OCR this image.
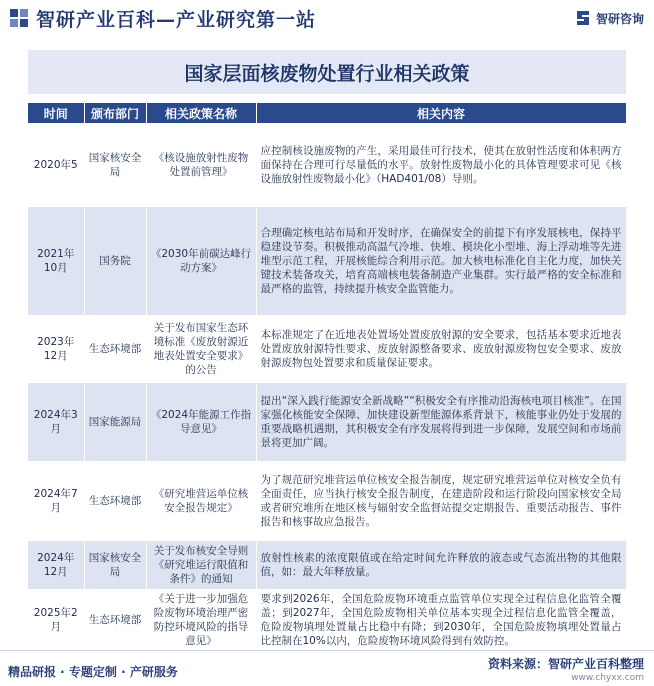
智研产业百科—产业研究第一站	智研咨询
国家层面核废物处置行业相关政策
时间	颁布部门	相关政策名称	相关内容
2020年5	国家核安全局	《核设施放射性废物处置前管理》	应控制核设施废物的产生，采用最佳可行技术，使其在放射性活度和体积两方面保持在合理可行尽量低的水平。放射性废物最小化的具体管理要求可见《核设施放射性废物最小化》（HAD401/08）导则。
2021年10月	国务院	《2030年前碳达峰行动方案》	合理确定核电站布局和开发时序，在确保安全的前提下有序发展核电，保持平稳建设节奏。积极推动高温气冷堆、快堆、模块化小型堆、海上浮动堆等先进堆型示范工程，开展核能综合利用示范。加大核电标准化自主化力度，加快关键技术装备攻关，培育高端核电装备制造产业集群。实行最严格的安全标准和最严格的监管，持续提升核安全监管能力。
2023年12月	生态环境部	关于发布国家生态环境标准《废放射源近地表处置安全要求》的公告	本标准规定了在近地表处置场处置废放射源的安全要求，包括基本要求近地表处置废放射源特性要求、废放射源整备要求、废放射源废物包安全要求、废放射源废物包处置要求和质量保证要求。
2024年3月	国家能源局	《2024年能源工作指导意见》	提出“深入践行能源安全新战略”“积极安全有序推动沿海核电项目核准”。在国家强化核能安全保障、加快建设新型能源体系背景下，核能事业仍处于发展的重要战略机遇期，其积极安全有序发展将得到进一步保障，发展空间和市场前景将更加广阔。
2024年7月	生态环境部	《研究堆营运单位核安全报告规定》	为了规范研究堆营运单位核安全报告制度，规定研究堆营运单位对核安全负有全面责任，应当执行核安全报告制度，在建造阶段和运行阶段向国家核安全局或者研究堆所在地区核与辐射安全监督站提交定期报告、重要活动报告、事件报告和核事故应急报告。
2024年12月	国家核安全局	关于发布核安全导则《研究堆运行限值和条件》的通知	放射性核素的浓度限值或在给定时间允许释放的液态或气态流出物的其他限值，如：最大年释放量。
2025年2月	生态环境部	《关于进一步加强危险废物环境治理严密防控环境风险的指导意见》	要求到2026年，全国危险废物环境重点监管单位实现全过程信息化监管全覆盖；到2027年，全国危险废物相关单位基本实现全过程信息化监管全覆盖，危险废物填埋处置量占比稳中有降；到2030年，全国危险废物填埋处置量占比控制在10%以内，危险废物环境风险得到有效防控。
精品研报 · 专题定制 · 产研服务
资料来源：智研产业百科整理
www.chyxx.com
